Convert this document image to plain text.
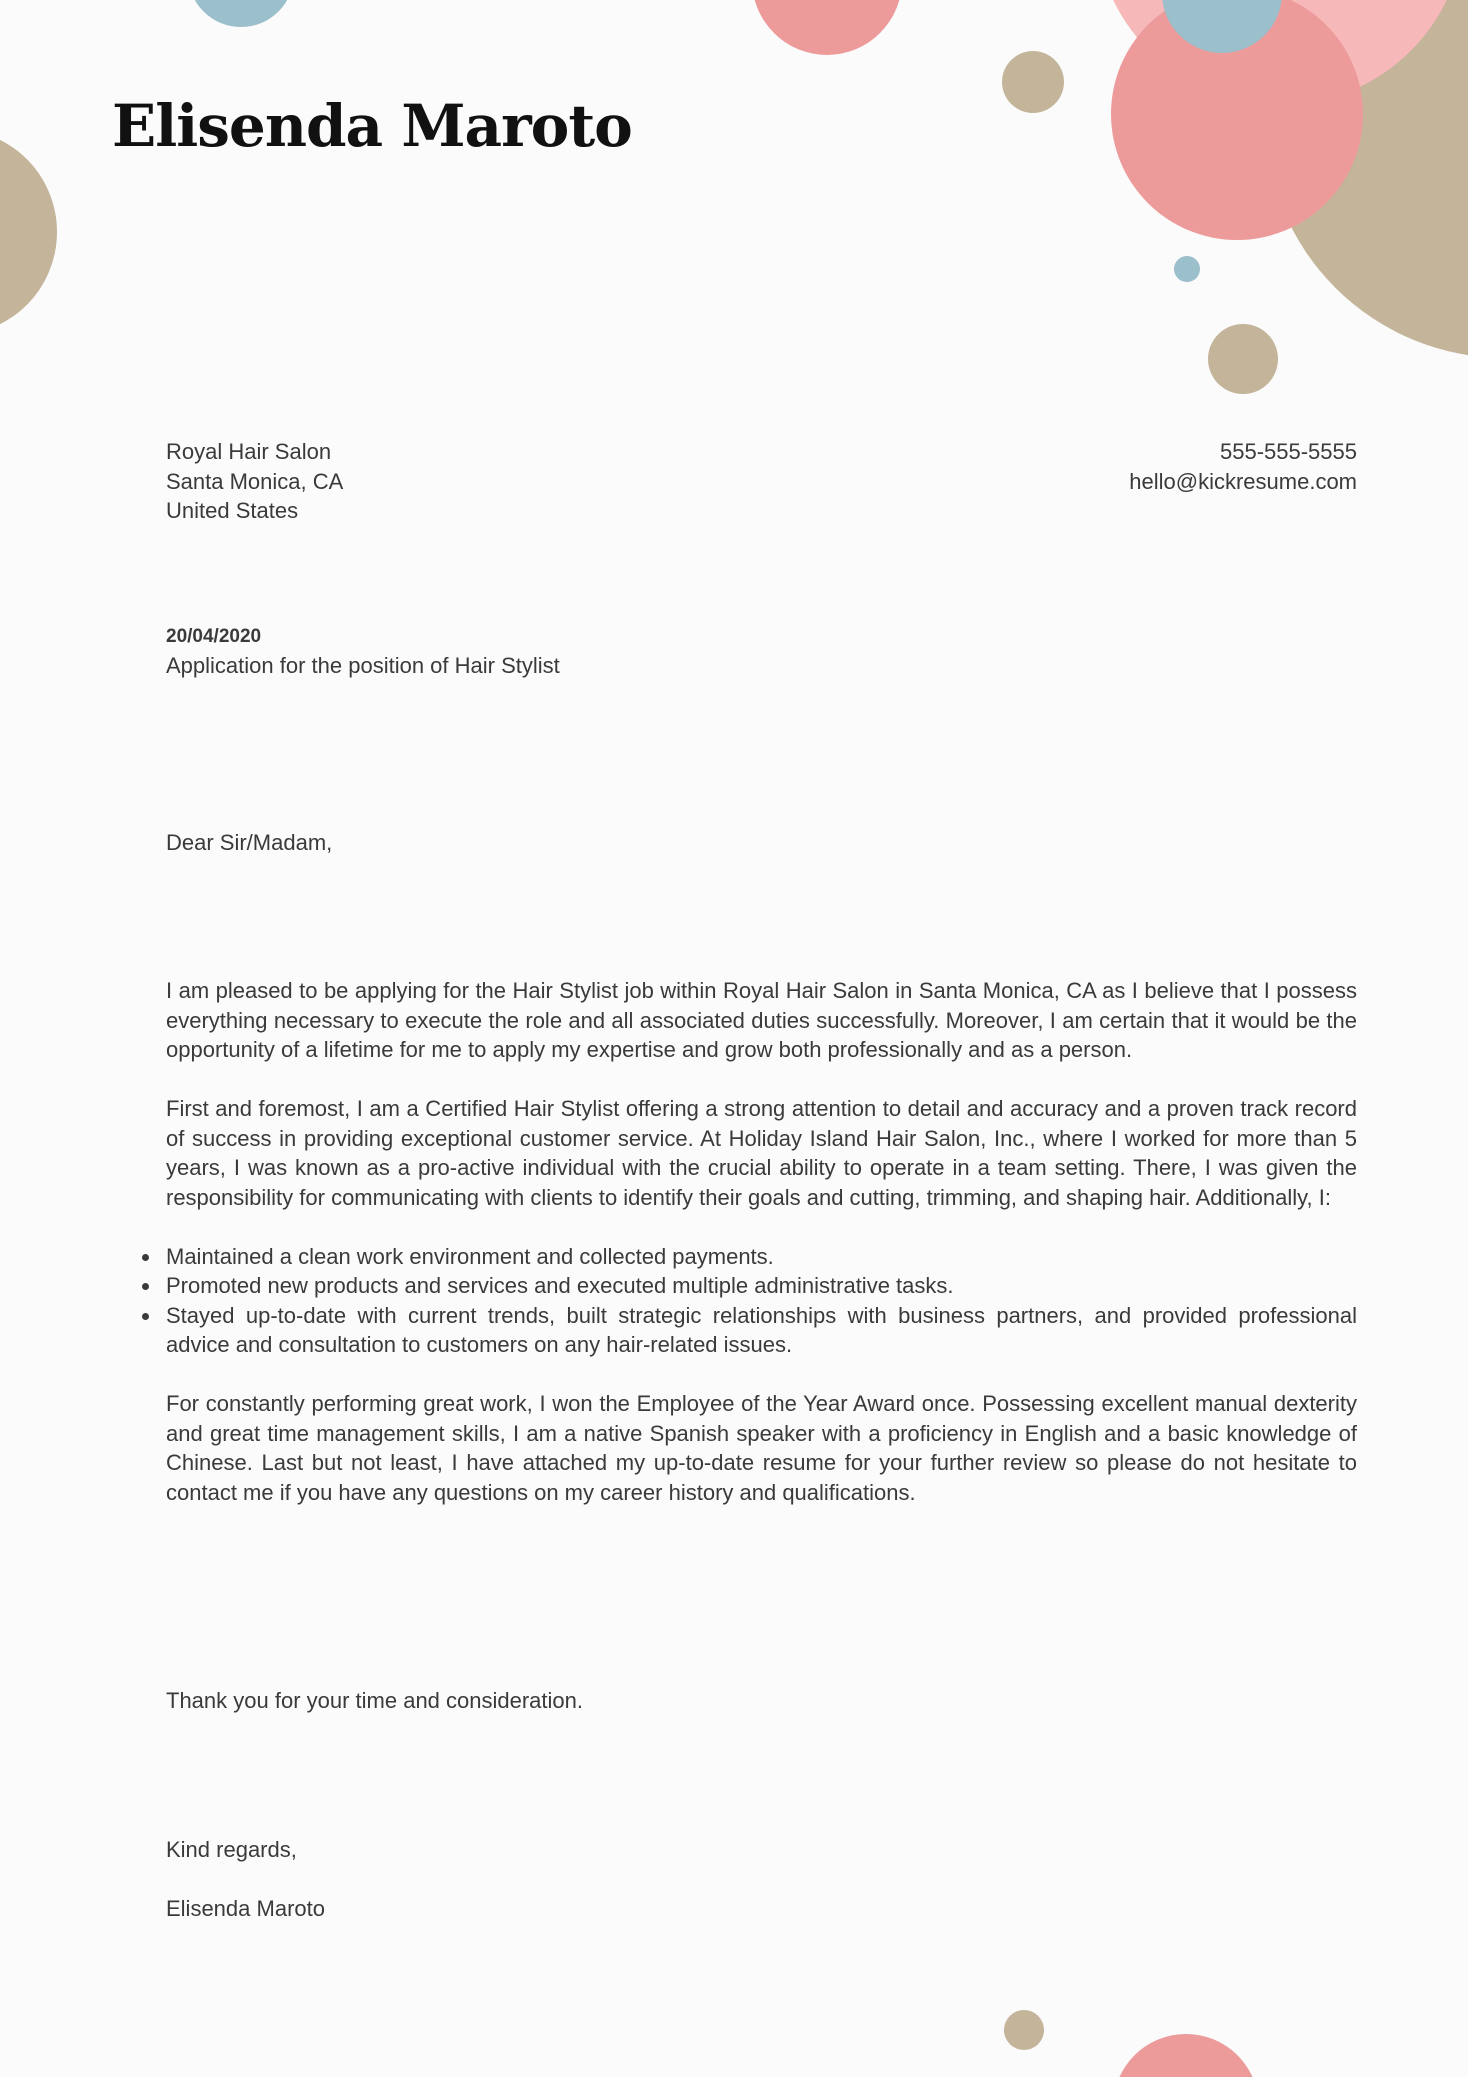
Elisenda Maroto
Royal Hair Salon
Santa Monica, CA
United States
555-555-5555
hello@kickresume.com
20/04/2020
Application for the position of Hair Stylist
Dear Sir/Madam,

I am pleased to be applying for the Hair Stylist job within Royal Hair Salon in Santa Monica, CA as I believe that I possess everything necessary to execute the role and all associated duties successfully. Moreover, I am certain that it would be the opportunity of a lifetime for me to apply my expertise and grow both professionally and as a person.

First and foremost, I am a Certified Hair Stylist offering a strong attention to detail and accuracy and a proven track record of success in providing exceptional customer service. At Holiday Island Hair Salon, Inc., where I worked for more than 5 years, I was known as a pro-active individual with the crucial ability to operate in a team setting. There, I was given the responsibility for communicating with clients to identify their goals and cutting, trimming, and shaping hair. Additionally, I:

Maintained a clean work environment and collected payments.
Promoted new products and services and executed multiple administrative tasks.
Stayed up-to-date with current trends, built strategic relationships with business partners, and provided professional advice and consultation to customers on any hair-related issues.

For constantly performing great work, I won the Employee of the Year Award once. Possessing excellent manual dexterity and great time management skills, I am a native Spanish speaker with a proficiency in English and a basic knowledge of Chinese. Last but not least, I have attached my up-to-date resume for your further review so please do not hesitate to contact me if you have any questions on my career history and qualifications.

Thank you for your time and consideration.
Kind regards,
Elisenda Maroto
